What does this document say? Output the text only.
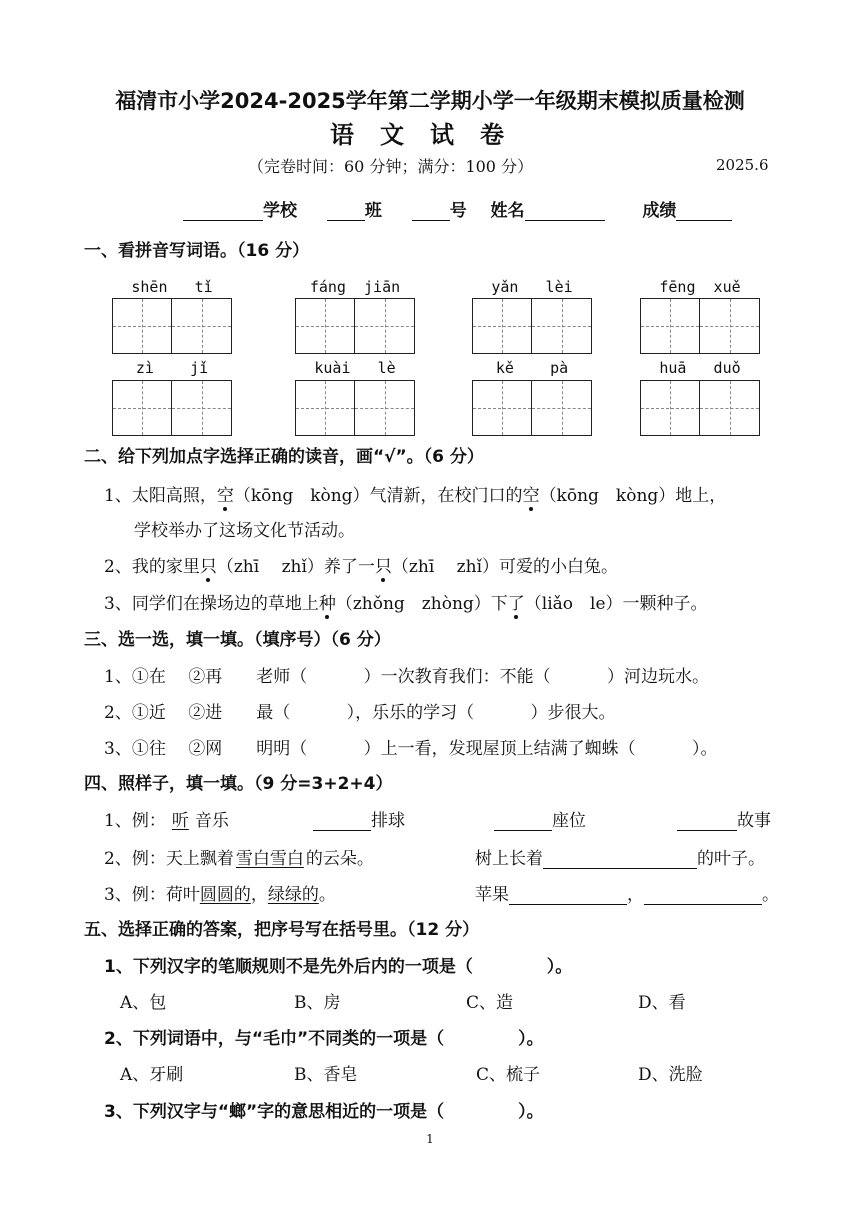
福清市小学2024-2025学年第二学期小学一年级期末模拟质量检测
语文试卷
（完卷时间：60 分钟；满分：100 分）	2025.6
学校	班	号 姓名	成绩
一、看拼音写词语。（16 分）
shēn tǐ	fáng jiān	yǎn lèi	fēng xuě
zì jǐ	kuài lè	kě pà	huā duǒ
二、给下列加点字选择正确的读音，画“√”。（6 分）
1、太阳高照，空（kōng　kòng）气清新，在校门口的空（kōng　kòng）地上，
学校举办了这场文化节活动。
2、我的家里只（zhī　 zhǐ）养了一只（zhī　 zhǐ）可爱的小白兔。
3、同学们在操场边的草地上种（zhǒng　zhòng）下了（liǎo　le）一颗种子。
三、选一选，填一填。（填序号）（6 分）
1、①在　 ②再　　老师（　　　 ）一次教育我们：不能（　　　 ）河边玩水。
2、①近　 ②进　　最（　　　 ），乐乐的学习（　　　 ）步很大。
3、①往　 ②网　　明明（　　　 ）上一看，发现屋顶上结满了蜘蛛（　　　 ）。
四、照样子，填一填。（9 分=3+2+4）
1、例： 听 音乐	排球	座位	故事
2、例：天上飘着 雪白雪白 的云朵。	树上长着	的叶子。
3、例：荷叶圆圆的，绿绿的。	苹果	，	。
五、选择正确的答案，把序号写在括号里。（12 分）
1、下列汉字的笔顺规则不是先外后内的一项是（　　　　 ）。
A、包	B、房	C、造	D、看
2、下列词语中，与“毛巾”不同类的一项是（　　　　 ）。
A、牙刷	B、香皂	C、梳子	D、洗脸
3、下列汉字与“螂”字的意思相近的一项是（　　　　 ）。
1
